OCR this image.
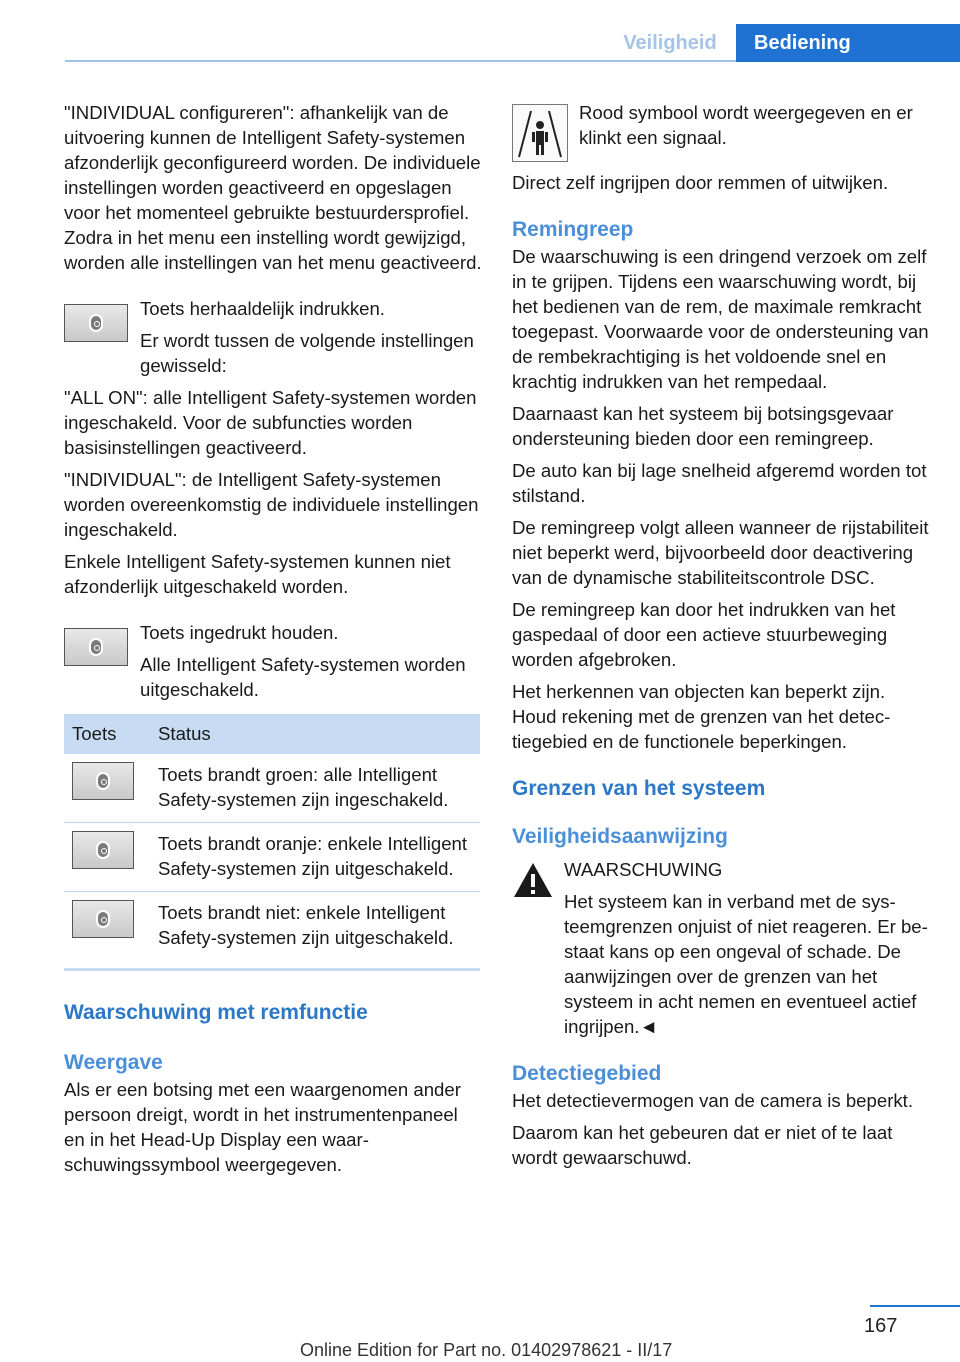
Veiligheid	Bediening

"INDIVIDUAL configureren": afhankelijk van de uitvoering kunnen de Intelligent Safety-systemen afzonderlijk geconfigureerd worden. De individuele instellingen worden geactiveerd en opgeslagen voor het momenteel gebruikte bestuurdersprofiel. Zodra in het menu een instelling wordt gewijzigd, worden alle instellingen van het menu geactiveerd.

Toets herhaaldelijk indrukken.

Er wordt tussen de volgende instellingen gewisseld:

"ALL ON": alle Intelligent Safety-systemen worden ingeschakeld. Voor de subfuncties worden basisinstellingen geactiveerd.

"INDIVIDUAL": de Intelligent Safety-systemen worden overeenkomstig de individuele instellingen ingeschakeld.

Enkele Intelligent Safety-systemen kunnen niet afzonderlijk uitgeschakeld worden.

Toets ingedrukt houden.

Alle Intelligent Safety-systemen worden uitgeschakeld.

Toets	Status

	Toets brandt groen: alle Intelligent Safety-systemen zijn ingeschakeld.

	Toets brandt oranje: enkele Intelligent Safety-systemen zijn uitgeschakeld.

	Toets brandt niet: enkele Intelligent Safety-systemen zijn uitgeschakeld.
Waarschuwing met remfunctie
Weergave

Als er een botsing met een waargenomen ander persoon dreigt, wordt in het instrumentenpaneel en in het Head-Up Display een waarschuwingssymbool weergegeven.

Rood symbool wordt weergegeven en er klinkt een signaal.

Direct zelf ingrijpen door remmen of uitwijken.

Remingreep

De waarschuwing is een dringend verzoek om zelf in te grijpen. Tijdens een waarschuwing wordt, bij het bedienen van de rem, de maximale remkracht toegepast. Voorwaarde voor de ondersteuning van de rembekrachtiging is het voldoende snel en krachtig indrukken van het rempedaal.

Daarnaast kan het systeem bij botsingsgevaar ondersteuning bieden door een remingreep.

De auto kan bij lage snelheid afgeremd worden tot stilstand.

De remingreep volgt alleen wanneer de rijstabiliteit niet beperkt werd, bijvoorbeeld door deactivering van de dynamische stabiliteitscontrole DSC.

De remingreep kan door het indrukken van het gaspedaal of door een actieve stuurbeweging worden afgebroken.

Het herkennen van objecten kan beperkt zijn. Houd rekening met de grenzen van het detectiegebied en de functionele beperkingen.

Grenzen van het systeem
Veiligheidsaanwijzing

WAARSCHUWING

Het systeem kan in verband met de systeemgrenzen onjuist of niet reageren. Er bestaat kans op een ongeval of schade. De aanwijzingen over de grenzen van het systeem in acht nemen en eventueel actief ingrijpen.◄

Detectiegebied

Het detectievermogen van de camera is beperkt.

Daarom kan het gebeuren dat er niet of te laat wordt gewaarschuwd.

167
Online Edition for Part no. 01402978621 - II/17
